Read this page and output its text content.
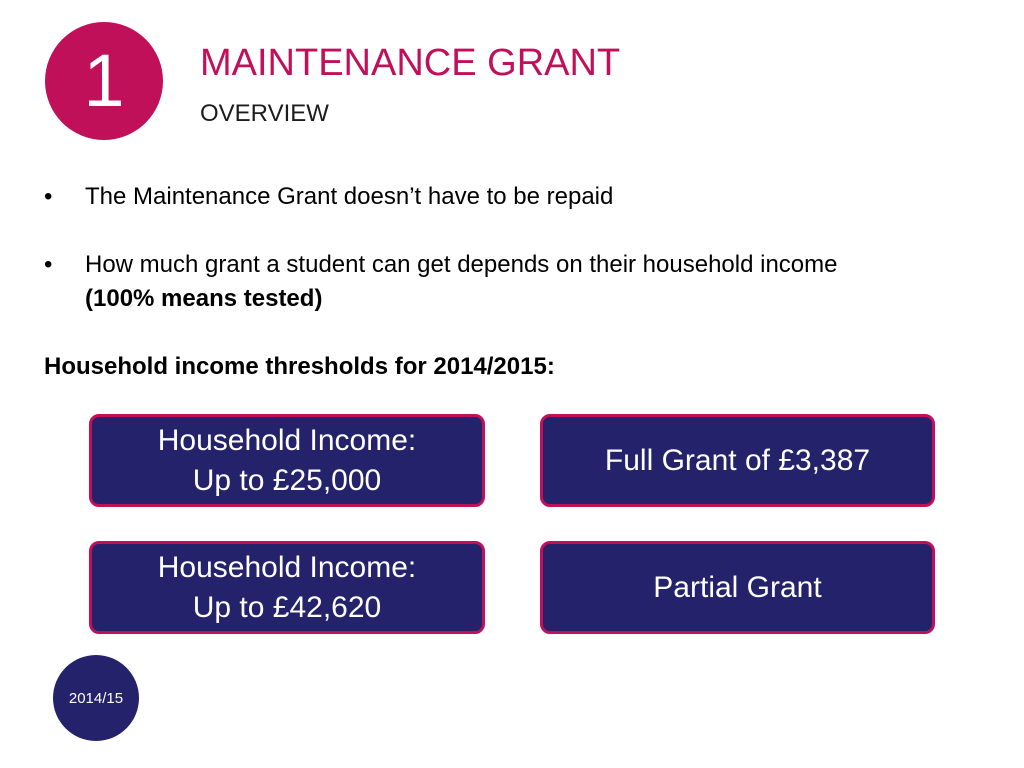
1 MAINTENANCE GRANT
OVERVIEW
• The Maintenance Grant doesn’t have to be repaid
• How much grant a student can get depends on their household income (100% means tested)
Household income thresholds for 2014/2015:
Household Income:
Up to £25,000
Full Grant of £3,387
Household Income:
Up to £42,620
Partial Grant
2014/15
